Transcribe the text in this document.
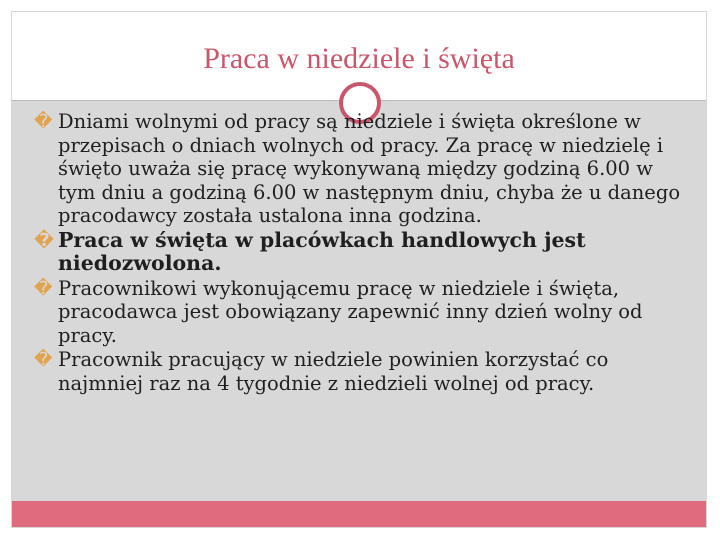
Praca w niedziele i święta
� Dniami wolnymi od pracy są niedziele i święta określone w przepisach o dniach wolnych od pracy. Za pracę w niedzielę i święto uważa się pracę wykonywaną między godziną 6.00 w tym dniu a godziną 6.00 w następnym dniu, chyba że u danego pracodawcy została ustalona inna godzina.
� Praca w święta w placówkach handlowych jest niedozwolona.
� Pracownikowi wykonującemu pracę w niedziele i święta, pracodawca jest obowiązany zapewnić inny dzień wolny od pracy.
� Pracownik pracujący w niedziele powinien korzystać co najmniej raz na 4 tygodnie z niedzieli wolnej od pracy.
